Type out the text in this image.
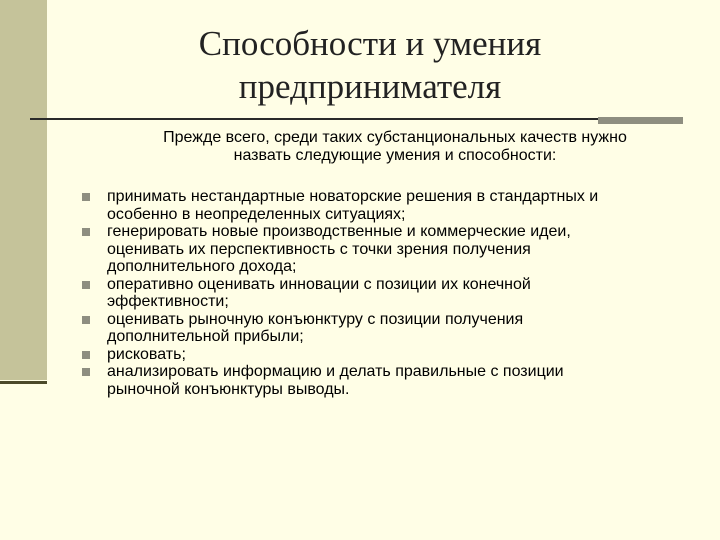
Способности и умения
предпринимателя
Прежде всего, среди таких субстанциональных качеств нужно
назвать следующие умения и способности:
принимать нестандартные новаторские решения в стандартных и
особенно в неопределенных ситуациях;
генерировать новые производственные и коммерческие идеи,
оценивать их перспективность с точки зрения получения
дополнительного дохода;
оперативно оценивать инновации с позиции их конечной
эффективности;
оценивать рыночную конъюнктуру с позиции получения
дополнительной прибыли;
рисковать;
анализировать информацию и делать правильные с позиции
рыночной конъюнктуры выводы.
